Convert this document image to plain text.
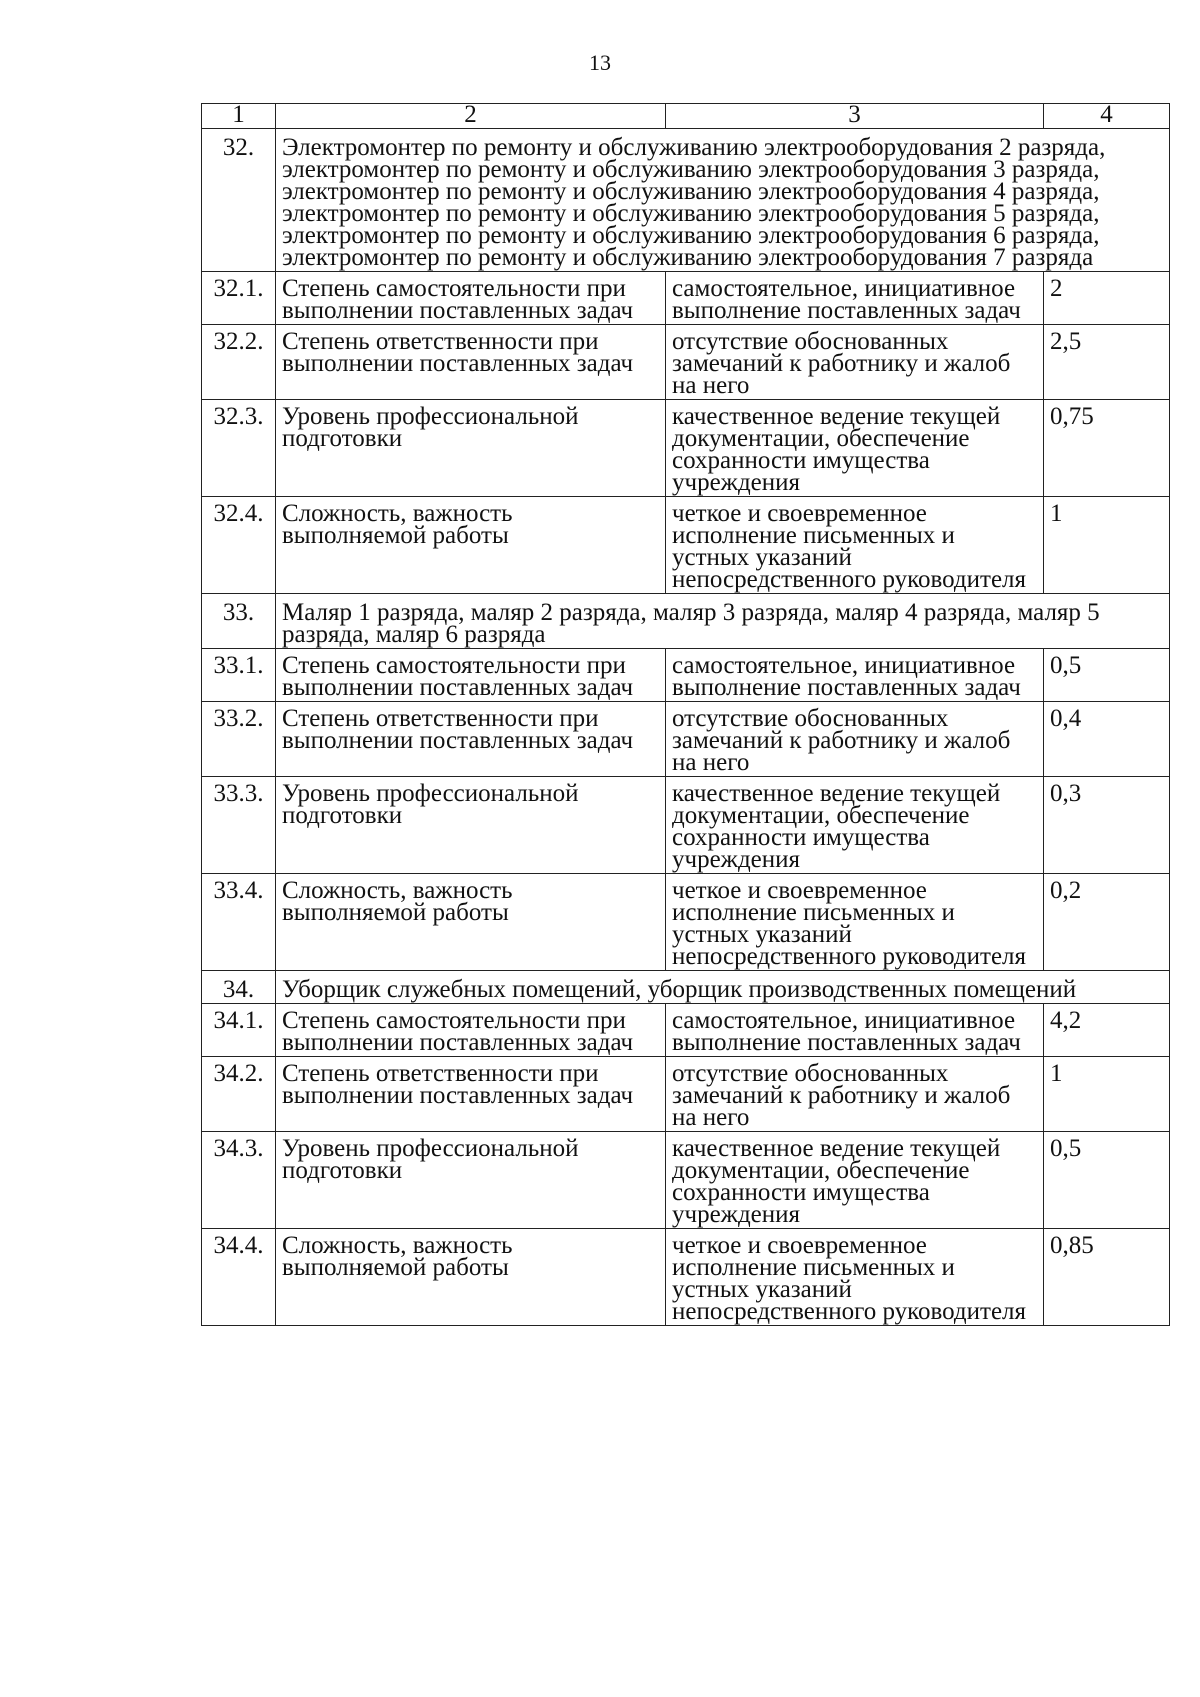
13
1	2	3	4
32.	Электромонтер по ремонту и обслуживанию электрооборудования 2 разряда, электромонтер по ремонту и обслуживанию электрооборудования 3 разряда, электромонтер по ремонту и обслуживанию электрооборудования 4 разряда, электромонтер по ремонту и обслуживанию электрооборудования 5 разряда, электромонтер по ремонту и обслуживанию электрооборудования 6 разряда, электромонтер по ремонту и обслуживанию электрооборудования 7 разряда		
32.1.	Степень самостоятельности при выполнении поставленных задач	самостоятельное, инициативное выполнение поставленных задач	2
32.2.	Степень ответственности при выполнении поставленных задач	отсутствие обоснованных замечаний к работнику и жалоб на него	2,5
32.3.	Уровень профессиональной подготовки	качественное ведение текущей документации, обеспечение сохранности имущества учреждения	0,75
32.4.	Сложность, важность выполняемой работы	четкое и своевременное исполнение письменных и устных указаний непосредственного руководителя	1
33.	Маляр 1 разряда, маляр 2 разряда, маляр 3 разряда, маляр 4 разряда, маляр 5 разряда, маляр 6 разряда		
33.1.	Степень самостоятельности при выполнении поставленных задач	самостоятельное, инициативное выполнение поставленных задач	0,5
33.2.	Степень ответственности при выполнении поставленных задач	отсутствие обоснованных замечаний к работнику и жалоб на него	0,4
33.3.	Уровень профессиональной подготовки	качественное ведение текущей документации, обеспечение сохранности имущества учреждения	0,3
33.4.	Сложность, важность выполняемой работы	четкое и своевременное исполнение письменных и устных указаний непосредственного руководителя	0,2
34.	Уборщик служебных помещений, уборщик производственных помещений		
34.1.	Степень самостоятельности при выполнении поставленных задач	самостоятельное, инициативное выполнение поставленных задач	4,2
34.2.	Степень ответственности при выполнении поставленных задач	отсутствие обоснованных замечаний к работнику и жалоб на него	1
34.3.	Уровень профессиональной подготовки	качественное ведение текущей документации, обеспечение сохранности имущества учреждения	0,5
34.4.	Сложность, важность выполняемой работы	четкое и своевременное исполнение письменных и устных указаний непосредственного руководителя	0,85
